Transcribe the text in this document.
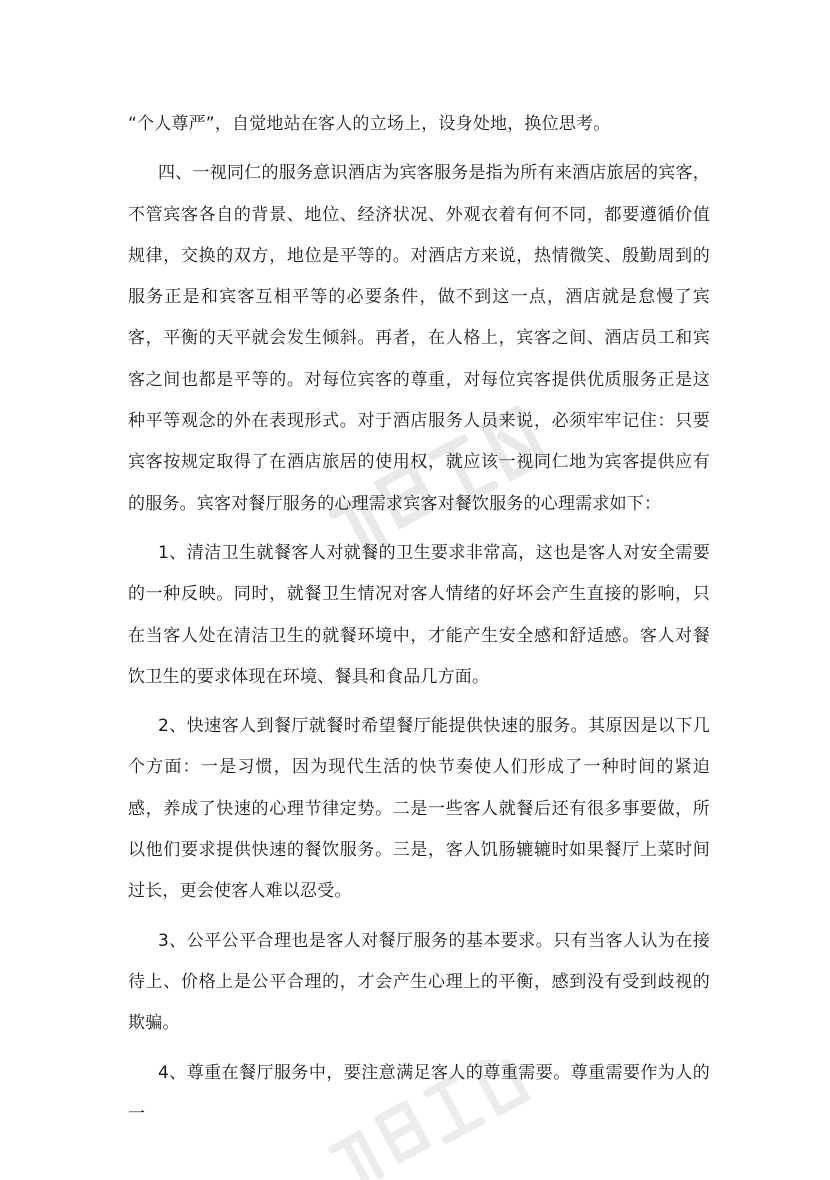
“个人尊严”，自觉地站在客人的立场上，设身处地，换位思考。

四、一视同仁的服务意识酒店为宾客服务是指为所有来酒店旅居的宾客，不管宾客各自的背景、地位、经济状况、外观衣着有何不同，都要遵循价值规律，交换的双方，地位是平等的。对酒店方来说，热情微笑、殷勤周到的服务正是和宾客互相平等的必要条件，做不到这一点，酒店就是怠慢了宾客，平衡的天平就会发生倾斜。再者，在人格上，宾客之间、酒店员工和宾客之间也都是平等的。对每位宾客的尊重，对每位宾客提供优质服务正是这种平等观念的外在表现形式。对于酒店服务人员来说，必须牢牢记住：只要宾客按规定取得了在酒店旅居的使用权，就应该一视同仁地为宾客提供应有的服务。宾客对餐厅服务的心理需求宾客对餐饮服务的心理需求如下：

1、清洁卫生就餐客人对就餐的卫生要求非常高，这也是客人对安全需要的一种反映。同时，就餐卫生情况对客人情绪的好坏会产生直接的影响，只在当客人处在清洁卫生的就餐环境中，才能产生安全感和舒适感。客人对餐饮卫生的要求体现在环境、餐具和食品几方面。

2、快速客人到餐厅就餐时希望餐厅能提供快速的服务。其原因是以下几个方面：一是习惯，因为现代生活的快节奏使人们形成了一种时间的紧迫感，养成了快速的心理节律定势。二是一些客人就餐后还有很多事要做，所以他们要求提供快速的餐饮服务。三是，客人饥肠辘辘时如果餐厅上菜时间过长，更会使客人难以忍受。

3、公平公平合理也是客人对餐厅服务的基本要求。只有当客人认为在接待上、价格上是公平合理的，才会产生心理上的平衡，感到没有受到歧视的欺骗。

4、尊重在餐厅服务中，要注意满足客人的尊重需要。尊重需要作为人的一
